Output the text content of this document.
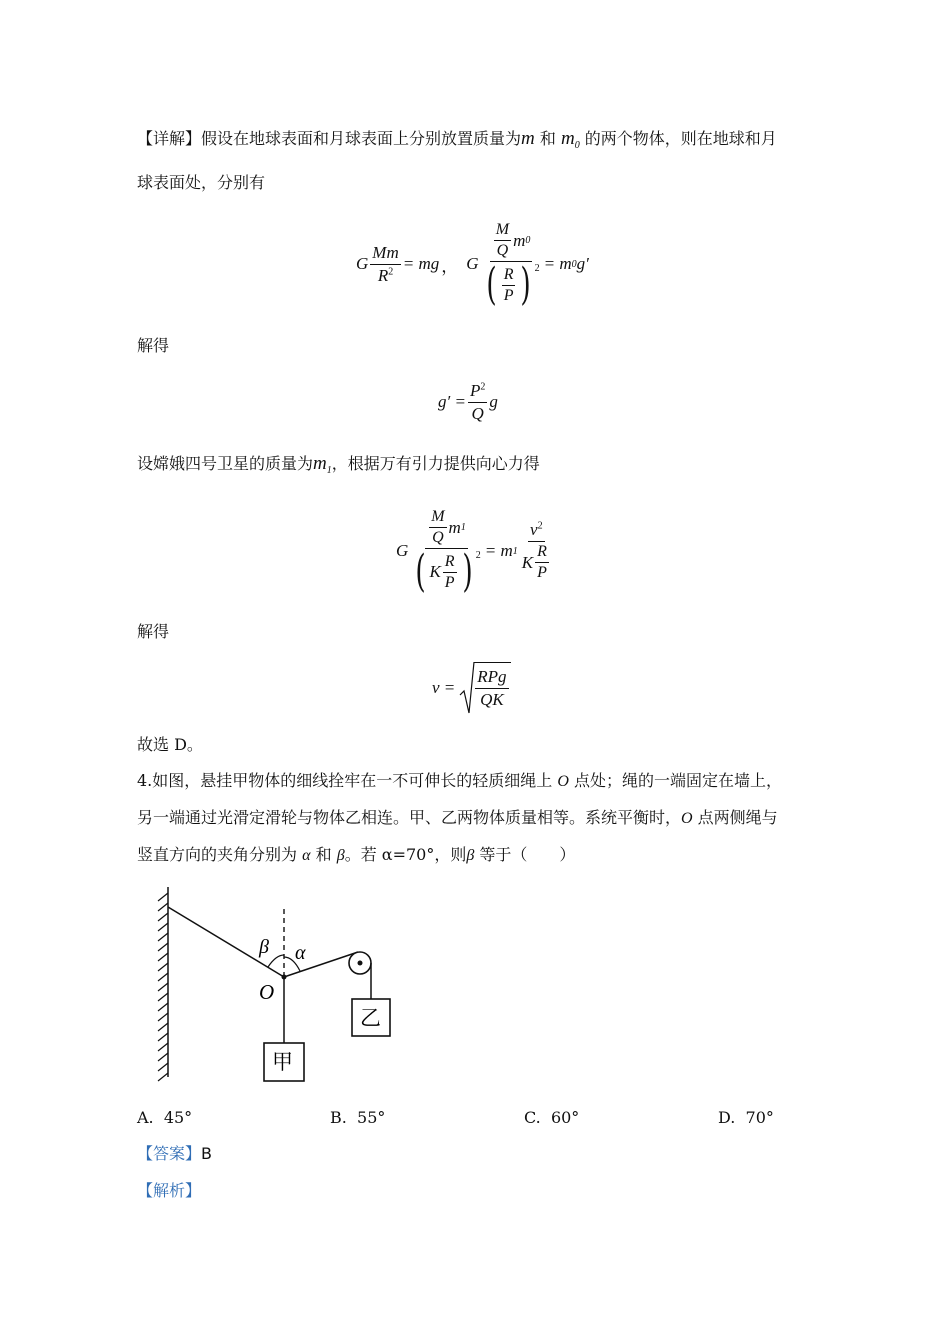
【详解】假设在地球表面和月球表面上分别放置质量为m 和 $m_0$ 的两个物体，则在地球和月
球表面处，分别有
G $\frac{Mm}{R^2}$ = mg ， G $\frac{\frac{M}{Q} m 0}{( \frac{R}{P} ) ^2} = m$ 0 g′
解得
$g' = \frac{P^2}{Q}$ g
设嫦娥四号卫星的质量为$m_1$，根据万有引力提供向心力得
G $\frac{\frac{M}{Q} m 1}{( K \frac{R}{P} ) ^2} = m$ $1 \frac{v^2}{K \frac{R}{P}}$
解得
$v = \frac{\text{RPg}}{QK}$
故选 D。
4.如图，悬挂甲物体的细线拴牢在一不可伸长的轻质细绳上 O 点处；绳的一端固定在墙上，
另一端通过光滑定滑轮与物体乙相连。甲、乙两物体质量相等。系统平衡时，O 点两侧绳与
竖直方向的夹角分别为 α 和 β。若 α=70°，则β 等于（　　）
β α
O
甲
乙
A. 45°	B. 55°	C. 60°	D. 70°
【答案】B
【解析】
